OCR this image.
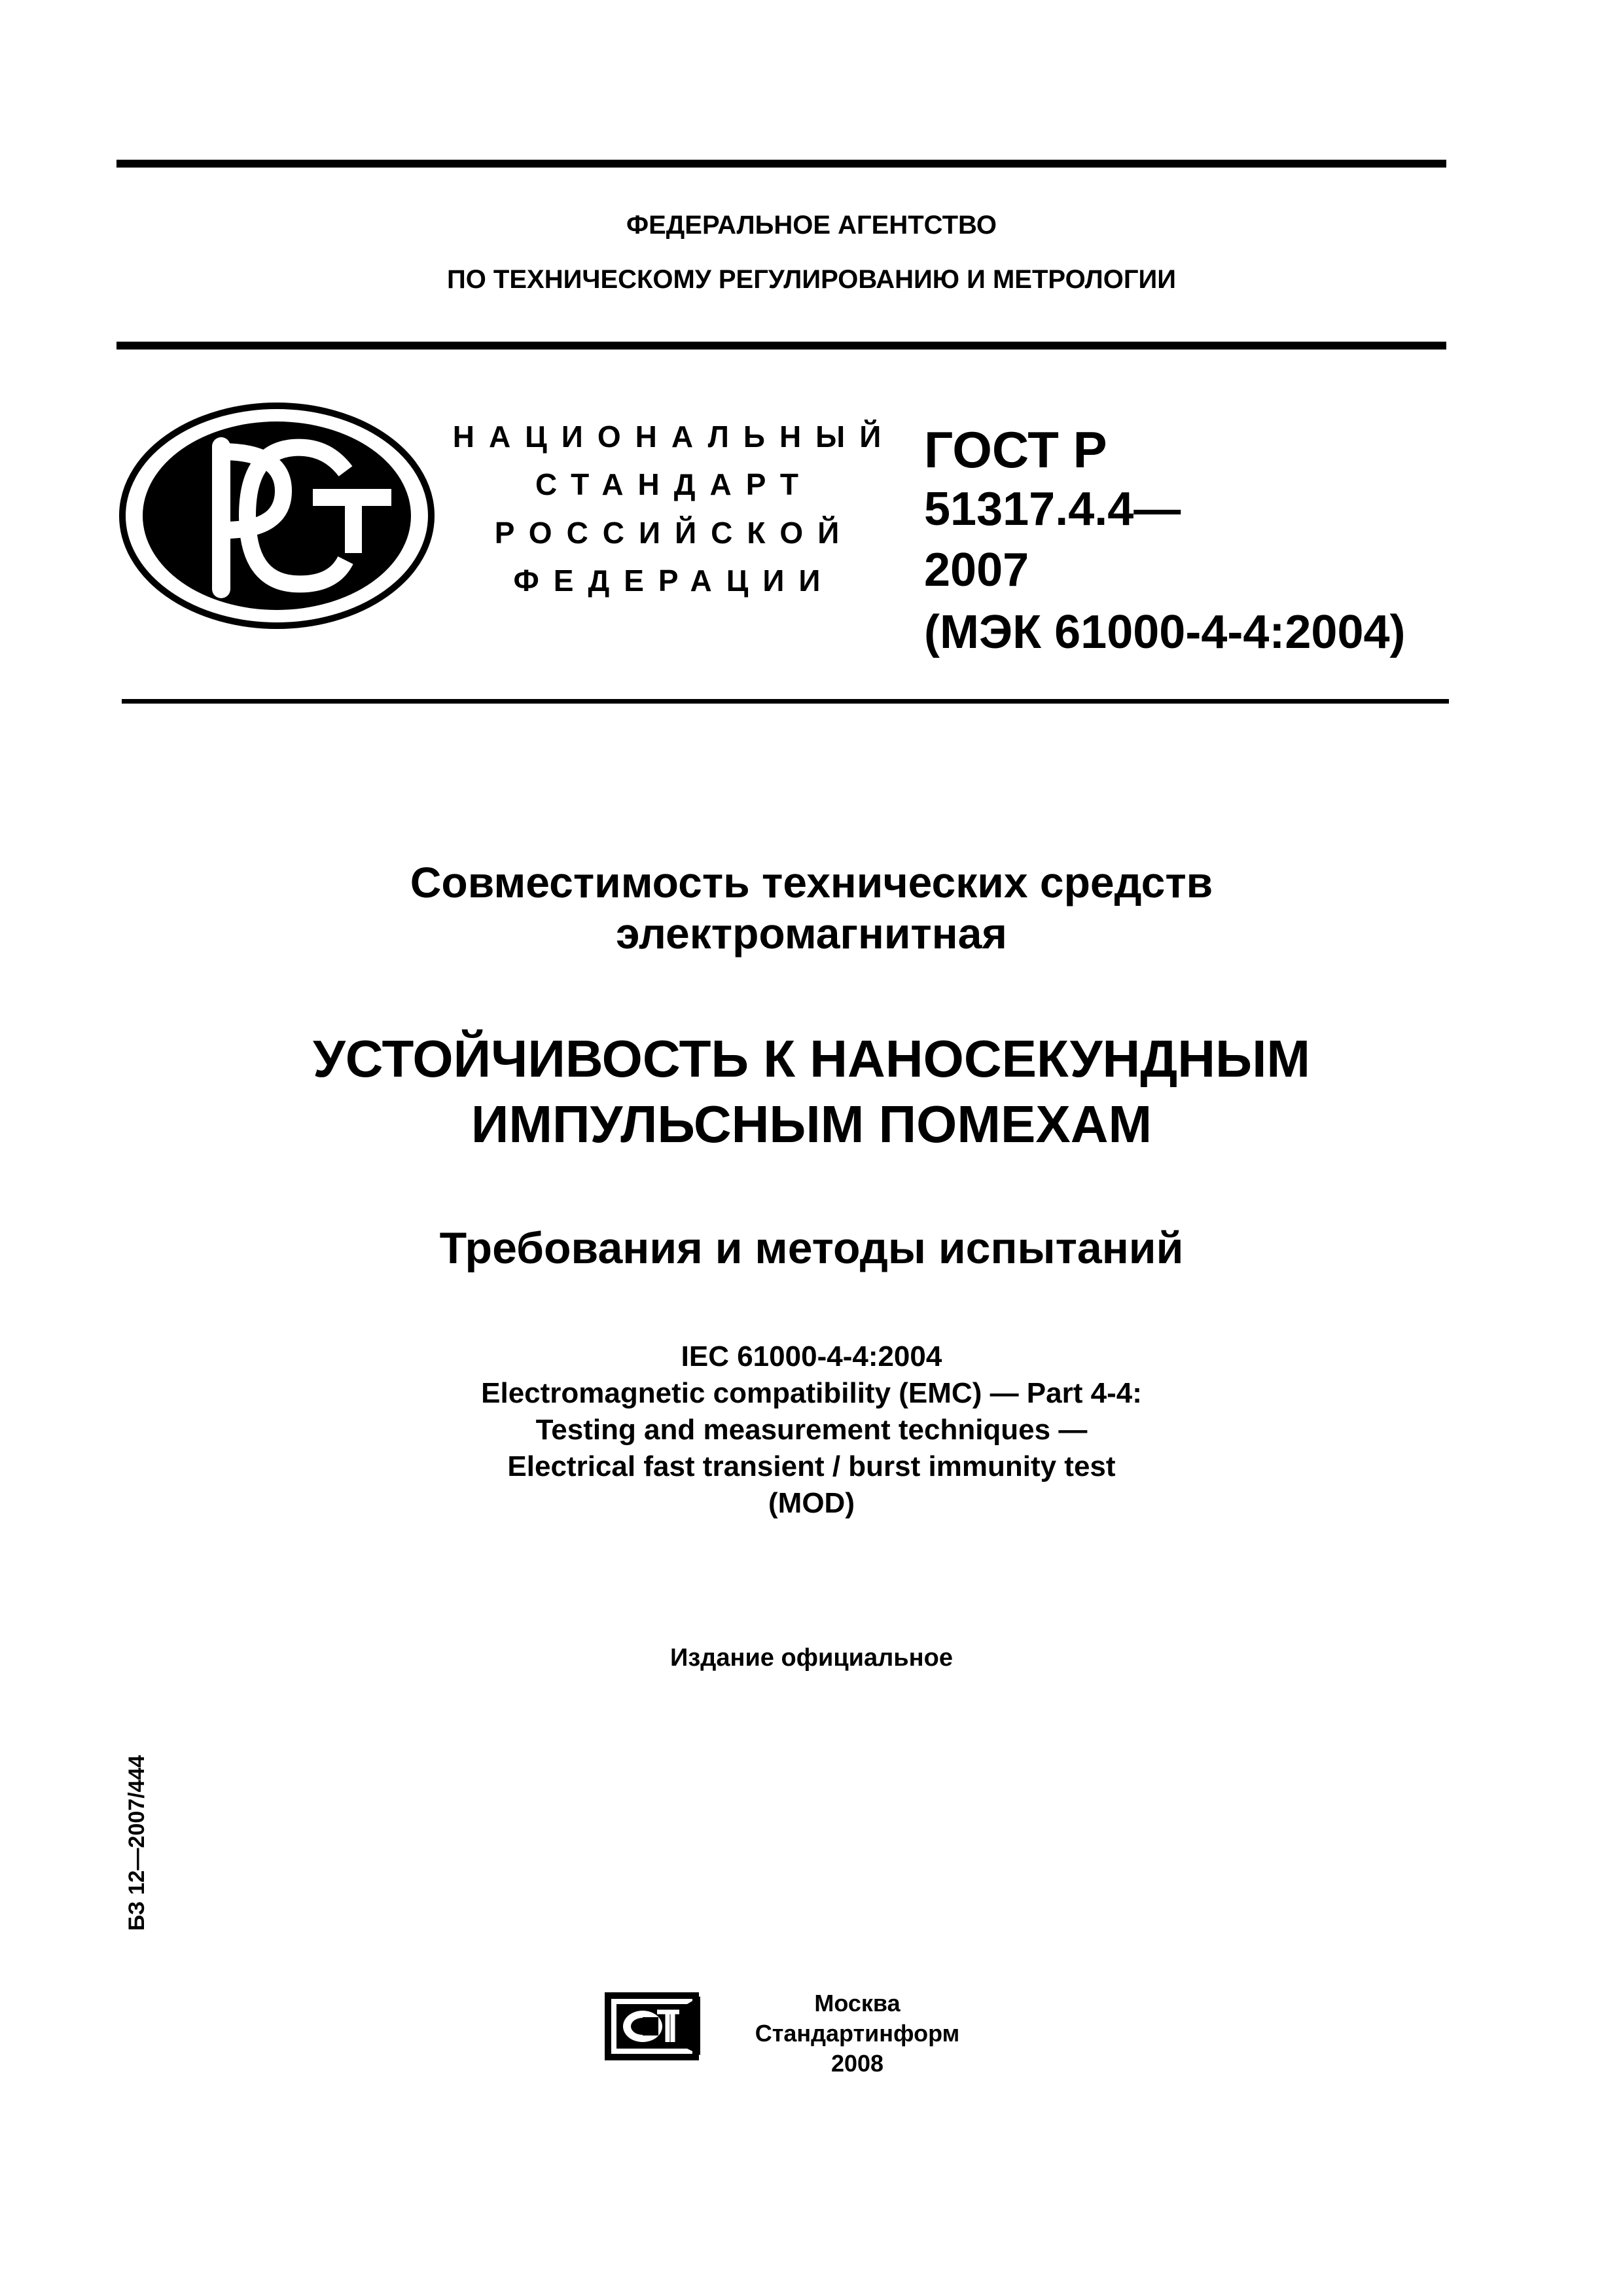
ФЕДЕРАЛЬНОЕ АГЕНТСТВО
ПО ТЕХНИЧЕСКОМУ РЕГУЛИРОВАНИЮ И МЕТРОЛОГИИ
НАЦИОНАЛЬНЫЙ
СТАНДАРТ
РОССИЙСКОЙ
ФЕДЕРАЦИИ
ГОСТ Р
51317.4.4—
2007
(МЭК 61000-4-4:2004)
Совместимость технических средств
электромагнитная
УСТОЙЧИВОСТЬ К НАНОСЕКУНДНЫМ
ИМПУЛЬСНЫМ ПОМЕХАМ
Требования и методы испытаний
IEC 61000-4-4:2004
Electromagnetic compatibility (EMC) — Part 4-4:
Testing and measurement techniques —
Electrical fast transient / burst immunity test
(MOD)
Издание официальное
БЗ 12—2007/444
Москва
Стандартинформ
2008
